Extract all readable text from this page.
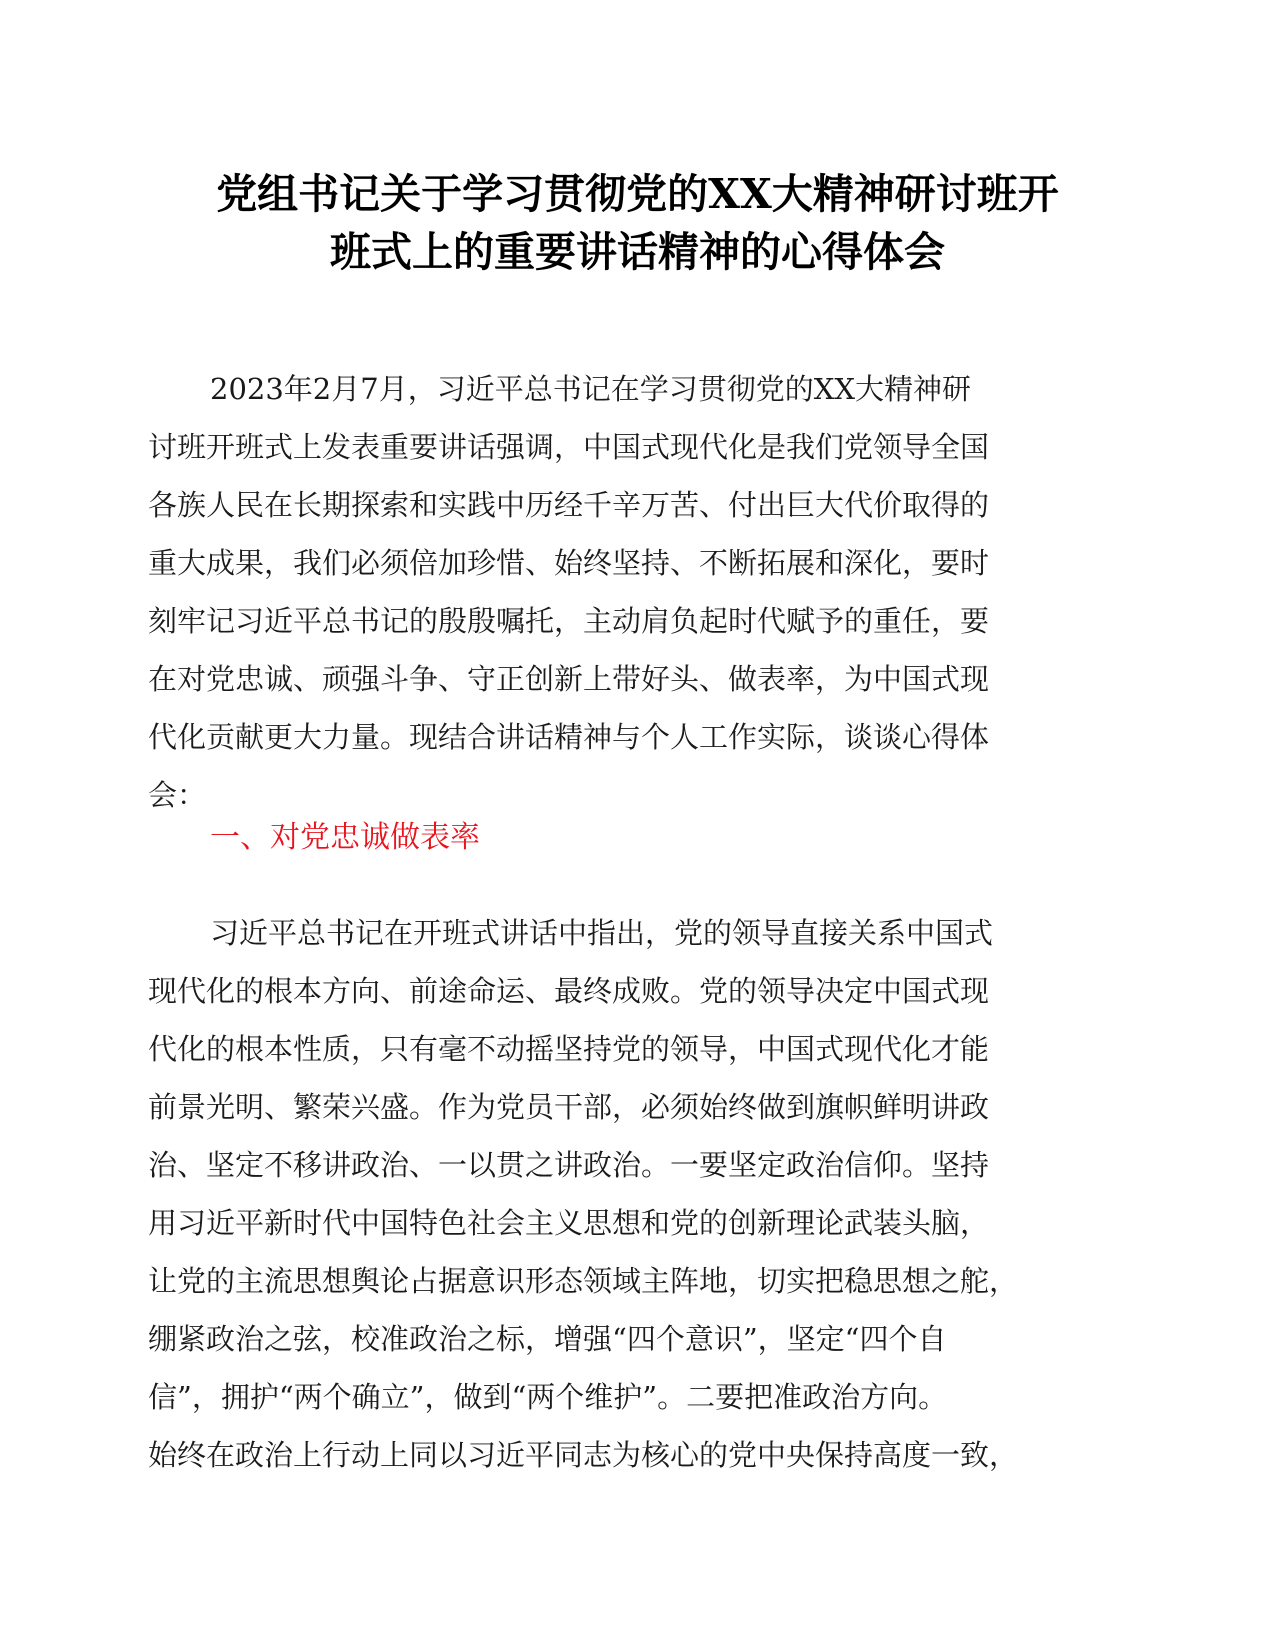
党组书记关于学习贯彻党的XX大精神研讨班开
班式上的重要讲话精神的心得体会
2023年2月7月，习近平总书记在学习贯彻党的XX大精神研
讨班开班式上发表重要讲话强调，中国式现代化是我们党领导全国
各族人民在长期探索和实践中历经千辛万苦、付出巨大代价取得的
重大成果，我们必须倍加珍惜、始终坚持、不断拓展和深化，要时
刻牢记习近平总书记的殷殷嘱托，主动肩负起时代赋予的重任，要
在对党忠诚、顽强斗争、守正创新上带好头、做表率，为中国式现
代化贡献更大力量。现结合讲话精神与个人工作实际，谈谈心得体
会：
一、对党忠诚做表率
习近平总书记在开班式讲话中指出，党的领导直接关系中国式
现代化的根本方向、前途命运、最终成败。党的领导决定中国式现
代化的根本性质，只有毫不动摇坚持党的领导，中国式现代化才能
前景光明、繁荣兴盛。作为党员干部，必须始终做到旗帜鲜明讲政
治、坚定不移讲政治、一以贯之讲政治。一要坚定政治信仰。坚持
用习近平新时代中国特色社会主义思想和党的创新理论武装头脑，
让党的主流思想舆论占据意识形态领域主阵地，切实把稳思想之舵，
绷紧政治之弦，校准政治之标，增强“四个意识”，坚定“四个自
信”，拥护“两个确立”，做到“两个维护”。二要把准政治方向。
始终在政治上行动上同以习近平同志为核心的党中央保持高度一致，
